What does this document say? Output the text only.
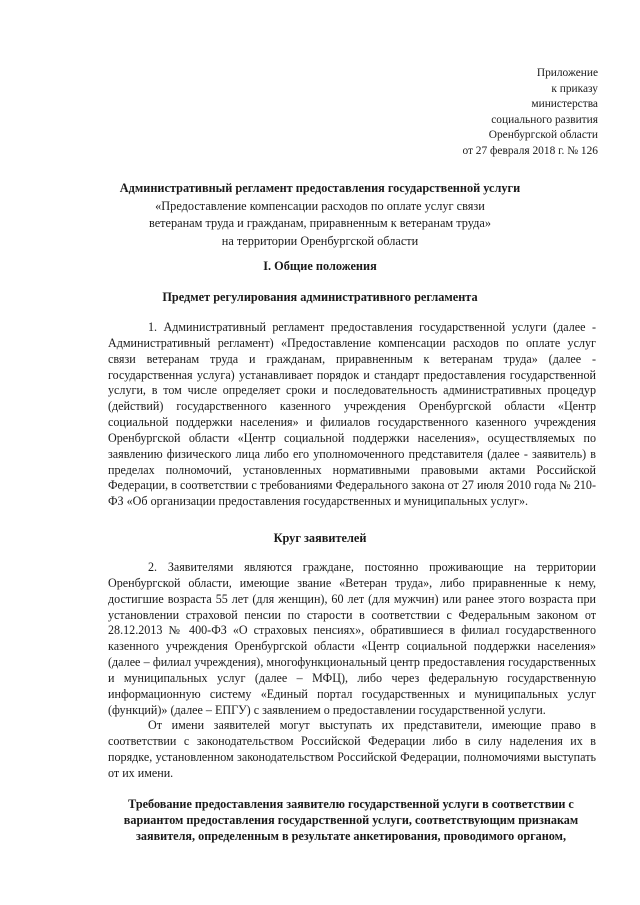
Приложение
к приказу
министерства
социального развития
Оренбургской области
от 27 февраля 2018 г. № 126
Административный регламент предоставления государственной услуги
«Предоставление компенсации расходов по оплате услуг связи
ветеранам труда и гражданам, приравненным к ветеранам труда»
на территории Оренбургской области
I. Общие положения
Предмет регулирования административного регламента

1. Административный регламент предоставления государственной услуги (далее - Административный регламент) «Предоставление компенсации расходов по оплате услуг связи ветеранам труда и гражданам, приравненным к ветеранам труда» (далее - государственная услуга) устанавливает порядок и стандарт предоставления государственной услуги, в том числе определяет сроки и последовательность административных процедур (действий) государственного казенного учреждения Оренбургской области «Центр социальной поддержки населения» и филиалов государственного казенного учреждения Оренбургской области «Центр социальной поддержки населения», осуществляемых по заявлению физического лица либо его уполномоченного представителя (далее - заявитель) в пределах полномочий, установленных нормативными правовыми актами Российской Федерации, в соответствии с требованиями Федерального закона от 27 июля 2010 года № 210-ФЗ «Об организации предоставления государственных и муниципальных услуг».

Круг заявителей

2. Заявителями являются граждане, постоянно проживающие на территории Оренбургской области, имеющие звание «Ветеран труда», либо приравненные к нему, достигшие возраста 55 лет (для женщин), 60 лет (для мужчин) или ранее этого возраста при установлении страховой пенсии по старости в соответствии с Федеральным законом от 28.12.2013 № 400-ФЗ «О страховых пенсиях», обратившиеся в филиал государственного казенного учреждения Оренбургской области «Центр социальной поддержки населения» (далее – филиал учреждения), многофункциональный центр предоставления государственных и муниципальных услуг (далее – МФЦ), либо через федеральную государственную информационную систему «Единый портал государственных и муниципальных услуг (функций)» (далее – ЕПГУ) с заявлением о предоставлении государственной услуги.

От имени заявителей могут выступать их представители, имеющие право в соответствии с законодательством Российской Федерации либо в силу наделения их в порядке, установленном законодательством Российской Федерации, полномочиями выступать от их имени.

Требование предоставления заявителю государственной услуги в соответствии с вариантом предоставления государственной услуги, соответствующим признакам заявителя, определенным в результате анкетирования, проводимого органом,
